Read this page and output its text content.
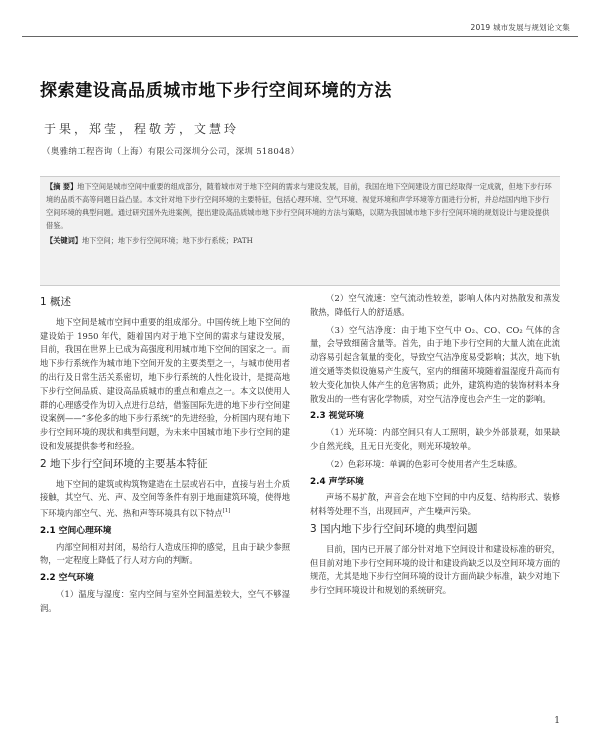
2019 城市发展与规划论文集
探索建设高品质城市地下步行空间环境的方法
于果，郑莹，程敬芳，文慧玲
（奥雅纳工程咨询（上海）有限公司深圳分公司，深圳 518048）
【摘 要】地下空间是城市空间中重要的组成部分，随着城市对于地下空间的需求与建设发展，目前，我国在地下空间建设方面已经取得一定成就，但地下步行环境的品质不高等问题日益凸显。本文针对地下步行空间环境的主要特征，包括心理环境、空气环境、视觉环境和声学环境等方面进行分析，并总结国内地下步行空间环境的典型问题。通过研究国外先进案例，提出建设高品质城市地下步行空间环境的方法与策略，以期为我国城市地下步行空间环境的规划设计与建设提供借鉴。
【关键词】地下空间；地下步行空间环境；地下步行系统；PATH
1 概述

地下空间是城市空间中重要的组成部分。中国传统上地下空间的建设始于 1950 年代，随着国内对于地下空间的需求与建设发展，目前，我国在世界上已成为高强度利用城市地下空间的国家之一。而地下步行系统作为城市地下空间开发的主要类型之一，与城市使用者的出行及日常生活关系密切，地下步行系统的人性化设计，是提高地下步行空间品质、建设高品质城市的重点和难点之一。本文以使用人群的心理感受作为切入点进行总结，借鉴国际先进的地下步行空间建设案例——“多伦多的地下步行系统”的先进经验，分析国内现有地下步行空间环境的现状和典型问题，为未来中国城市地下步行空间的建设和发展提供参考和经验。

2 地下步行空间环境的主要基本特征

地下空间的建筑或构筑物建造在土层或岩石中，直接与岩土介质接触，其空气、光、声、及空间等条件有别于地面建筑环境，使得地下环境内部空气、光、热和声等环境具有以下特点[1]

2.1 空间心理环境

内部空间相对封闭，易给行人造成压抑的感觉，且由于缺少参照物，一定程度上降低了行人对方向的判断。

2.2 空气环境

（1）温度与湿度：室内空间与室外空间温差较大，空气不够湿润。

（2）空气流速：空气流动性较差，影响人体内对热散发和蒸发散热，降低行人的舒适感。

（3）空气洁净度：由于地下空气中 O₂、CO、CO₂ 气体的含量，会导致细菌含量等。首先，由于地下步行空间的大量人流在此流动容易引起含氧量的变化，导致空气洁净度易受影响；其次，地下轨道交通等类似设施易产生废气，室内的细菌环境随着温湿度升高而有较大变化加快人体产生的危害物质；此外，建筑构造的装饰材料本身散发出的一些有害化学物质，对空气洁净度也会产生一定的影响。

2.3 视觉环境

（1）光环境：内部空间只有人工照明，缺少外部景观，如果缺少自然光线，且无日光变化，则光环境较单。

（2）色彩环境：单调的色彩可令使用者产生乏味感。

2.4 声学环境

声场不易扩散，声音会在地下空间的中内反复、结构形式、装修材料等处理不当，出现回声，产生噪声污染。

3 国内地下步行空间环境的典型问题

目前，国内已开展了部分针对地下空间设计和建设标准的研究，但目前对地下步行空间环境的设计和建设尚缺乏以及空间环境方面的规范，尤其是地下步行空间环境的设计方面尚缺少标准，缺少对地下步行空间环境设计和规划的系统研究。

1
